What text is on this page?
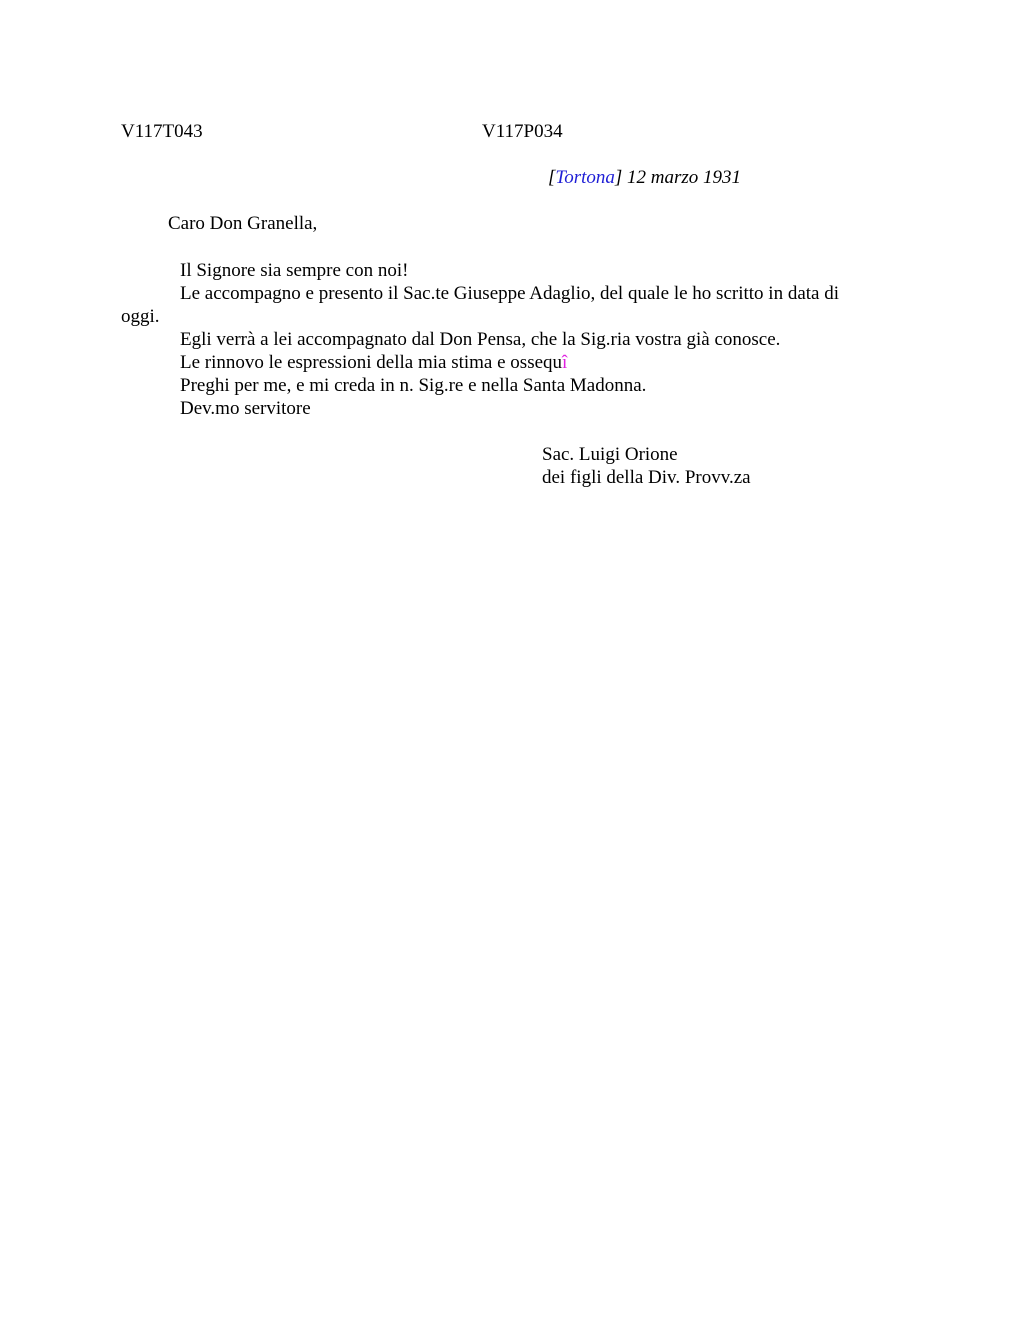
V117T043	V117P034
[Tortona] 12 marzo 1931
Caro Don Granella,

Il Signore sia sempre con noi!

Le accompagno e presento il Sac.te Giuseppe Adaglio, del quale le ho scritto in data di oggi.

Egli verrà a lei accompagnato dal Don Pensa, che la Sig.ria vostra già conosce.

Le rinnovo le espressioni della mia stima e ossequî

Preghi per me, e mi creda in n. Sig.re e nella Santa Madonna.

Dev.mo servitore

Sac. Luigi Orione
dei figli della Div. Provv.za
